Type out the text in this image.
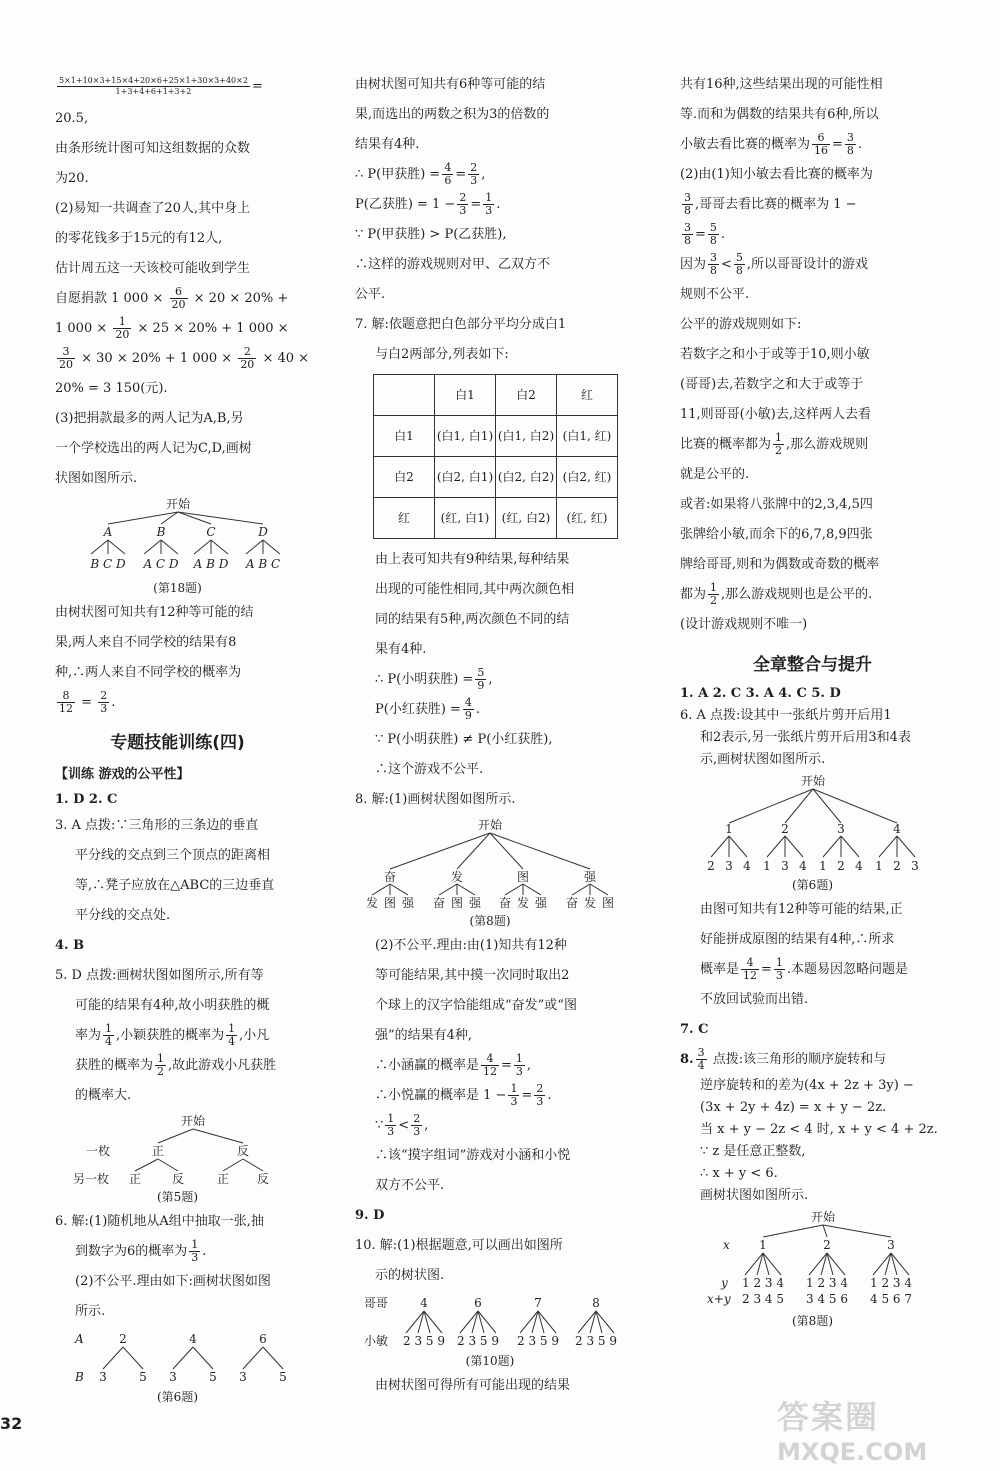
$\frac{5\times 1+10\times 3+15\times 4+20\times 6+25\times 1+30\times 3+40\times 2}{1+3+4+6+1+3+2}$ =
20.5,
由条形统计图可知这组数据的众数
为20.
(2)易知一共调查了20人,其中身上
的零花钱多于15元的有12人,
估计周五这一天该校可能收到学生
自愿捐款 1 $000 \times \frac{6}{20} \times 20 \times 20\%$ +
1 $000 \times \frac{1}{20} \times 25 \times 20\% + 1$ 000 ×
$\frac{3}{20} \times 30 \times 20\% + 1$ $000 \times \frac{2}{20} \times 40$ ×
20% = 3 150(元).
(3)把捐款最多的两人记为A,B,另
一个学校选出的两人记为C,D,画树
状图如图所示.
开始
A	B	C	D
B C D A C D A B D A B C
(第18题)
由树状图可知共有12种等可能的结
果,两人来自不同学校的结果有8
种,∴两人来自不同学校的概率为
$\frac{8}{12} = \frac{2}{3}$ .
专题技能训练(四)
【训练 游戏的公平性】
1. D 2. C
3. A 点拨:∵三角形的三条边的垂直
平分线的交点到三个顶点的距离相
等,∴凳子应放在△ABC的三边垂直
平分线的交点处.
4. B
5. D 点拨:画树状图如图所示,所有等
可能的结果有4种,故小明获胜的概
率为 $\frac{1}{4}$ ,小颖获胜的概率为 $\frac{1}{4}$ ,小凡
获胜的概率为 $\frac{1}{2}$ ,故此游戏小凡获胜
的概率大.
开始
一枚	正	反
另一枚 正	反	正 反
(第5题)
6. 解:(1)随机地从A组中抽取一张,抽
到数字为6的概率为 $\frac{1}{3}$ .
(2)不公平.理由如下:画树状图如图
所示.
A	2	4	6
B 3	5 3	5 3	5
(第6题)
由树状图可知共有6种等可能的结
果,而选出的两数之积为3的倍数的
结果有4种.
∴ P(甲获胜) = $\frac{4}{6} = \frac{2}{3}$ ,
P(乙获胜) = $1 - \frac{2}{3} = \frac{1}{3}$ .
∵ P(甲获胜) > P(乙获胜),
∴这样的游戏规则对甲、乙双方不
公平.
7. 解:依题意把白色部分平均分成白1
与白2两部分,列表如下:
	白1	白2	红
白1	(白1, 白1)	(白1, 白2)	(白1, 红)
白2	(白2, 白1)	(白2, 白2)	(白2, 红)
红	(红, 白1)	(红, 白2)	(红, 红)
由上表可知共有9种结果,每种结果
出现的可能性相同,其中两次颜色相
同的结果有5种,两次颜色不同的结
果有4种.
∴ P(小明获胜) = $\frac{5}{9}$ ,
P(小红获胜) = $\frac{4}{9}$ .
∵ P(小明获胜) ≠ P(小红获胜),
∴这个游戏不公平.
8. 解:(1)画树状图如图所示.
开始
奋	发	图	强
发 图 强 奋 图 强 奋 发 强 奋 发 图
(第8题)
(2)不公平.理由:由(1)知共有12种
等可能结果,其中摸一次同时取出2
个球上的汉字恰能组成“奋发”或“图
强”的结果有4种,
∴小涵赢的概率是 $\frac{4}{12} = \frac{1}{3}$ ,
∴小悦赢的概率是 $1 - \frac{1}{3} = \frac{2}{3}$ .
∵ $\frac{1}{3} < \frac{2}{3}$ ,
∴该“摸字组词”游戏对小涵和小悦
双方不公平.
9. D
10. 解:(1)根据题意,可以画出如图所
示的树状图.
哥哥	4	6	7	8
小敏 2 3 5 9 2 3 5 9 2 3 5 9 2 3 5 9
(第10题)
由树状图可得所有可能出现的结果
共有16种,这些结果出现的可能性相
等.而和为偶数的结果共有6种,所以
小敏去看比赛的概率为 $\frac{6}{16} = \frac{3}{8}$ .
(2)由(1)知小敏去看比赛的概率为
$\frac{3}{8}$ ,哥哥去看比赛的概率为 1 −
$\frac{3}{8} = \frac{5}{8}$ .
因为 $\frac{3}{8} < \frac{5}{8}$ ,所以哥哥设计的游戏
规则不公平.
公平的游戏规则如下:
若数字之和小于或等于10,则小敏
(哥哥)去,若数字之和大于或等于
11,则哥哥(小敏)去,这样两人去看
比赛的概率都为 $\frac{1}{2}$ ,那么游戏规则
就是公平的.
或者:如果将八张牌中的2,3,4,5四
张牌给小敏,而余下的6,7,8,9四张
牌给哥哥,则和为偶数或奇数的概率
都为 $\frac{1}{2}$ ,那么游戏规则也是公平的.
(设计游戏规则不唯一)
全章整合与提升
1. A 2. C 3. A 4. C 5. D
6. A 点拨:设其中一张纸片剪开后用1
和2表示,另一张纸片剪开后用3和4表
示,画树状图如图所示.
开始
1	2	3	4
2 3 4 1 3 4 1 2 4 1 2 3
(第6题)
由图可知共有12种等可能的结果,正
好能拼成原图的结果有4种,∴所求
概率是 $\frac{4}{12} = \frac{1}{3}$ .本题易因忽略问题是
不放回试验而出错.
7. C
8. $\frac{3}{4}$ 点拨:该三角形的顺序旋转和与
逆序旋转和的差为(4x + 2z + 3y) −
(3x + 2y + 4z) = x + y − 2z.
当 x + y − 2z < 4 时, x + y < 4 + 2z.
∵ z 是任意正整数,
∴ x + y < 6.
画树状图如图所示.
开始
x 1	2	3
y 1 2 3 4 1 2 3 4 1 2 3 4
x+y 2 3 4 5 3 4 5 6 4 5 6 7
(第8题)
32	答案圈
MXQE.COM
